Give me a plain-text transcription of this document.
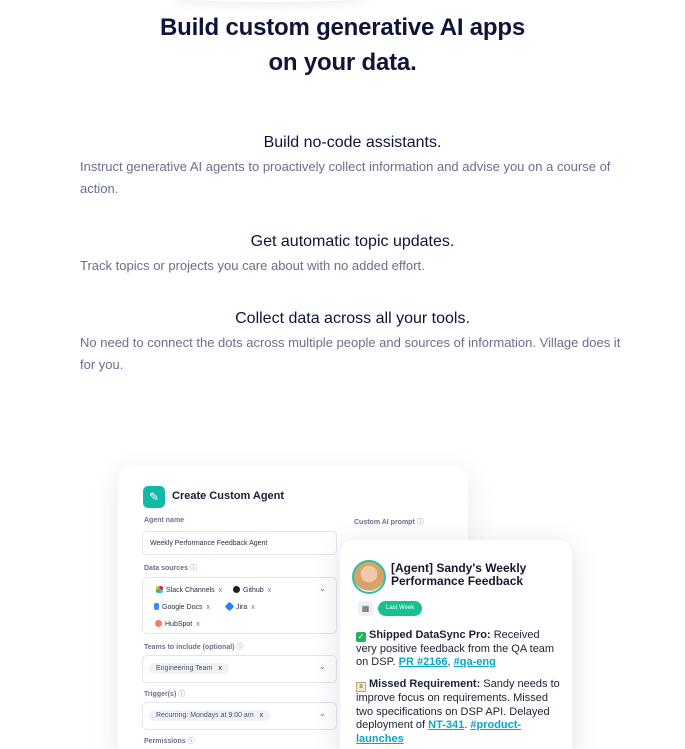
Build custom generative AI apps
on your data.
Build no-code assistants.

Instruct generative AI agents to proactively collect information and advise you on a course of action.

Get automatic topic updates.

Track topics or projects you care about with no added effort.

Collect data across all your tools.

No need to connect the dots across multiple people and sources of information. Village does it for you.

✎	Create Custom Agent
Agent name
Weekly Performance Feedback Agent
Custom AI prompt ⓘ
Data sources ⓘ
Slack Channels x	Github x
Google Docs x	Jira x
HubSpot x
⌄
Teams to include (optional) ⓘ
Engineering Team x	⌄
Trigger(s) ⓘ
Recurring: Mondays at 9:00 am x	⌄
Permissions ⓘ
[Agent] Sandy's Weekly Performance Feedback
▦	Last Week
✓ Shipped DataSync Pro: Received very positive feedback from the QA team on DSP. PR #2166, #qa-eng
≡ Missed Requirement: Sandy needs to improve focus on requirements. Missed two specifications on DSP API. Delayed deployment of NT-341. #product-launches
